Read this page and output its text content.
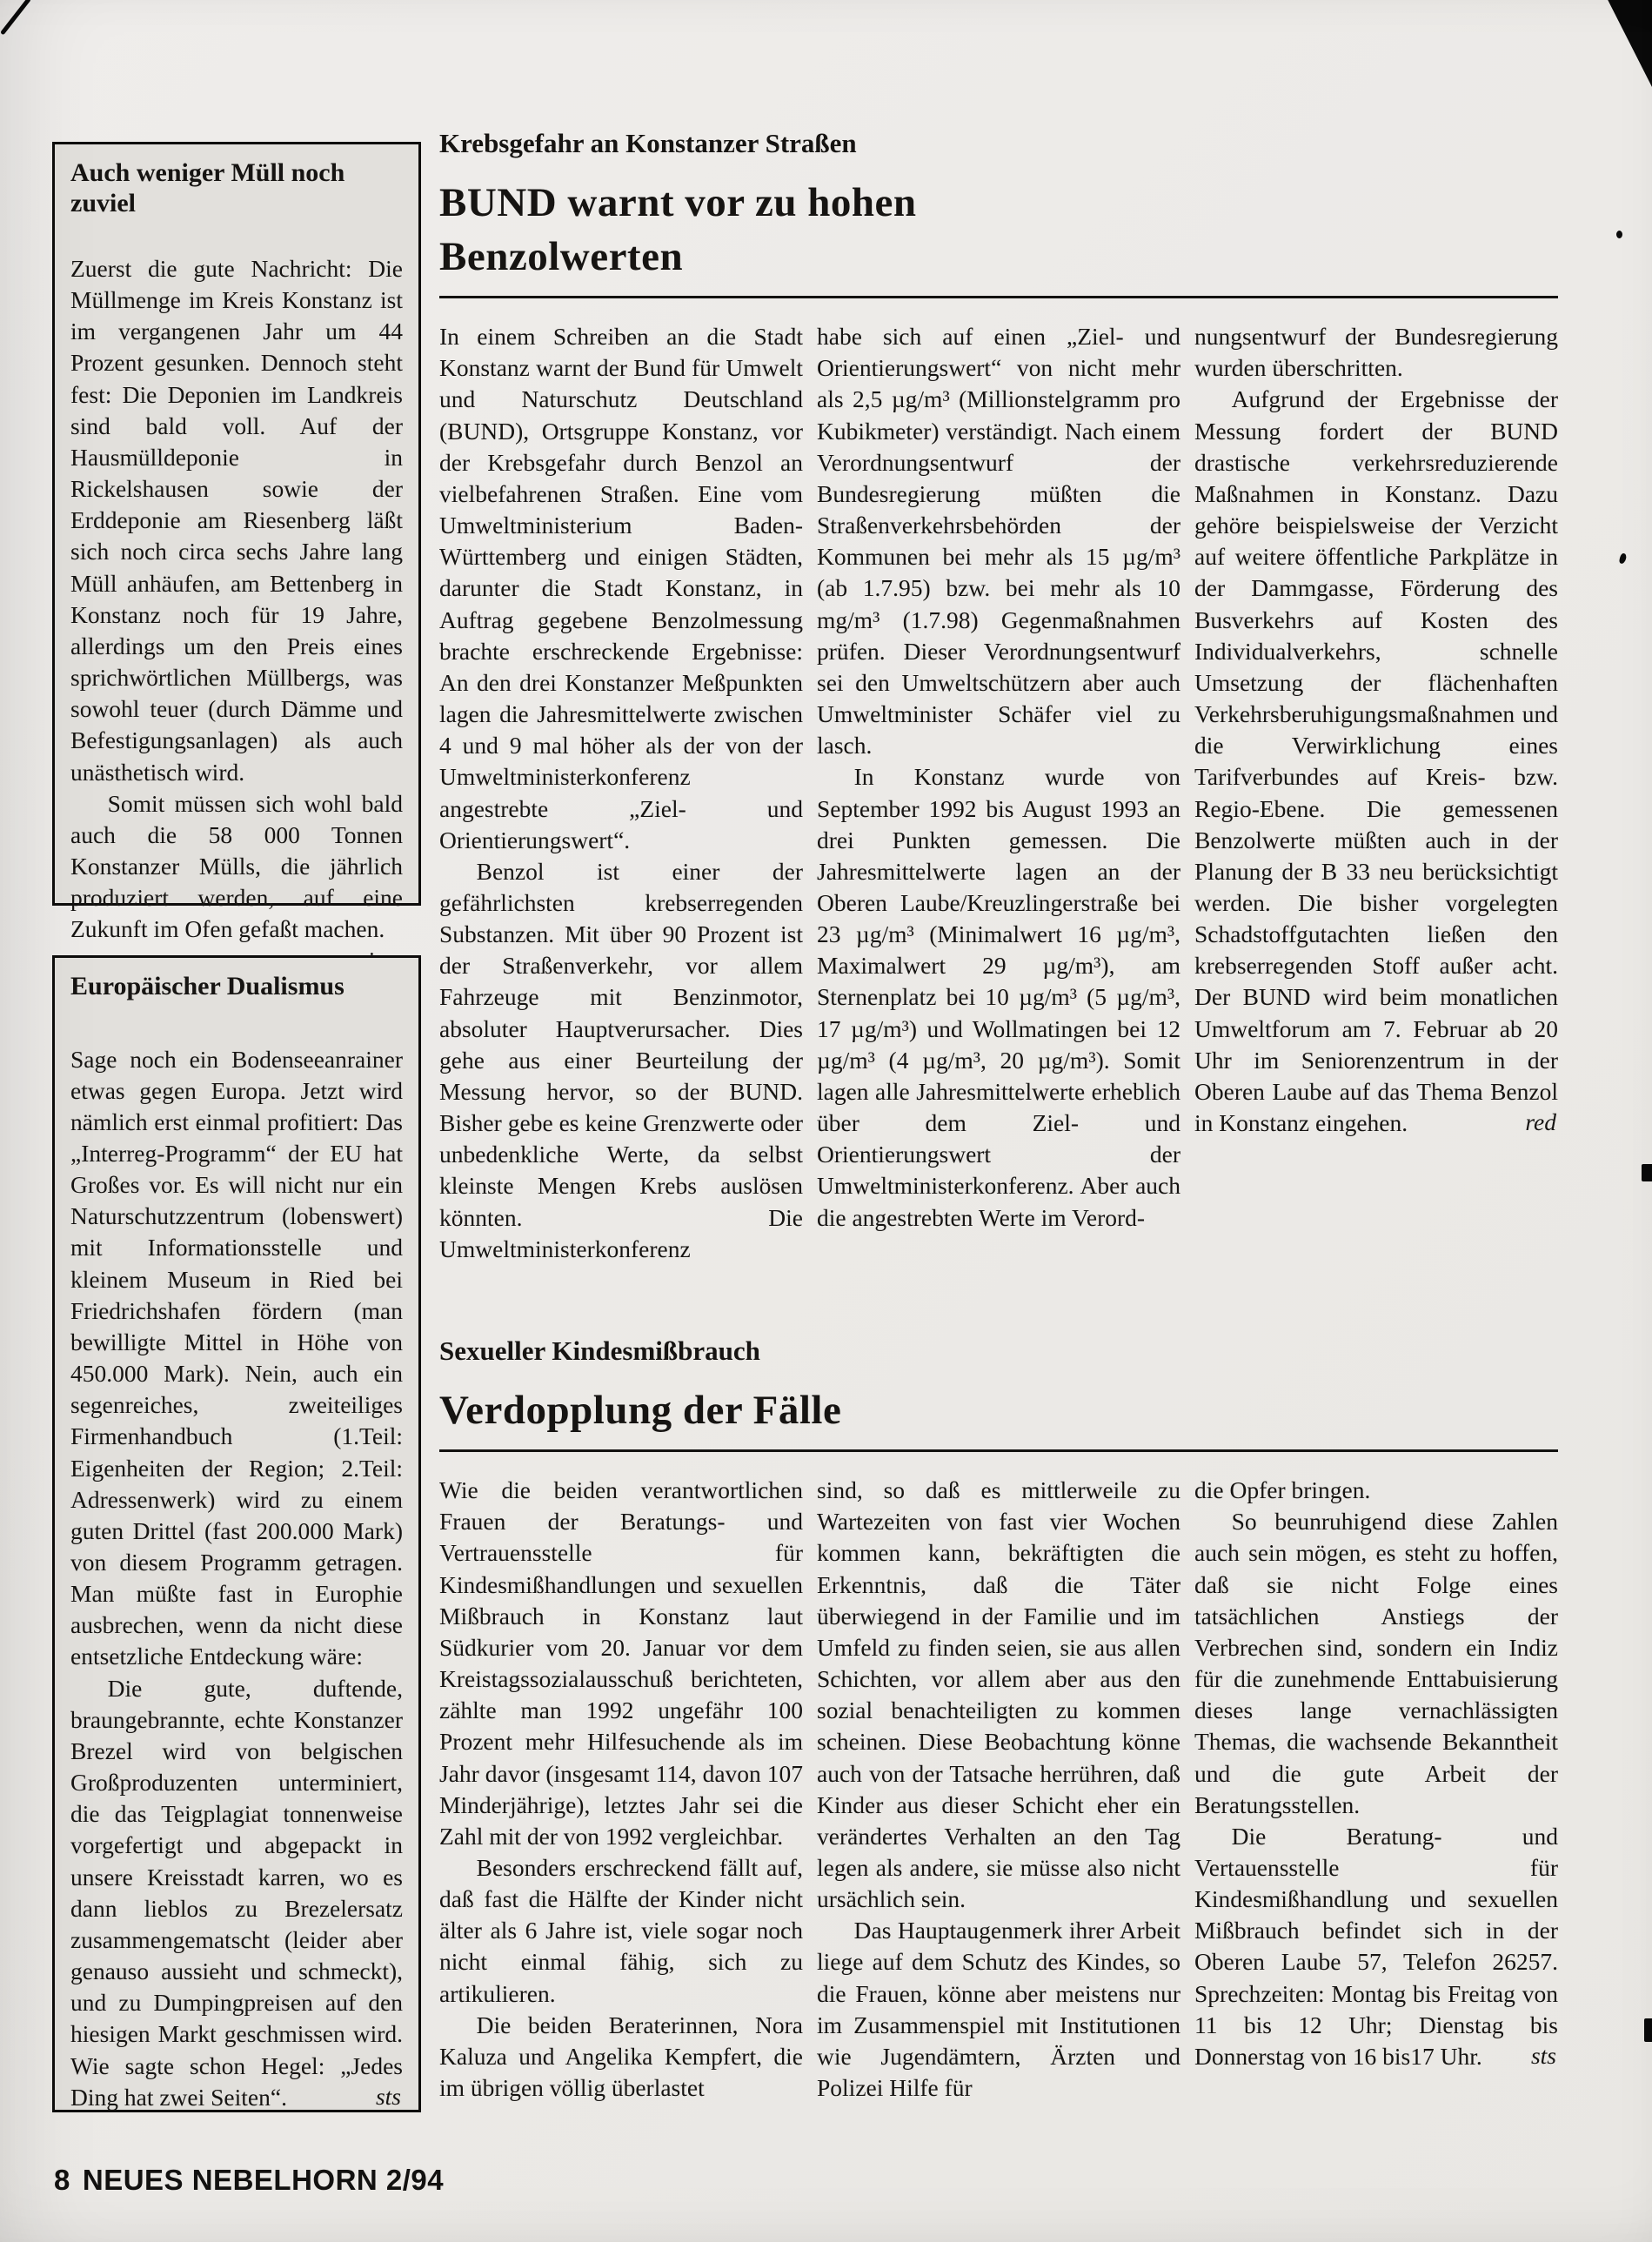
Auch weniger Müll noch zuviel

Zuerst die gute Nachricht: Die Müllmenge im Kreis Konstanz ist im vergangenen Jahr um 44 Prozent gesunken. Dennoch steht fest: Die Deponien im Landkreis sind bald voll. Auf der Hausmülldeponie in Rickelshausen sowie der Erddeponie am Riesenberg läßt sich noch circa sechs Jahre lang Müll anhäufen, am Bettenberg in Konstanz noch für 19 Jahre, allerdings um den Preis eines sprichwörtlichen Müllbergs, was sowohl teuer (durch Dämme und Befestigungsanlagen) als auch unästhetisch wird.

Somit müssen sich wohl bald auch die 58 000 Tonnen Konstanzer Mülls, die jährlich produziert werden, auf eine Zukunft im Ofen gefaßt machen.

Europäischer Dualismus

Sage noch ein Bodenseeanrainer etwas gegen Europa. Jetzt wird nämlich erst einmal profitiert: Das „Interreg-Programm“ der EU hat Großes vor. Es will nicht nur ein Naturschutzzentrum (lobenswert) mit Informationsstelle und kleinem Museum in Ried bei Friedrichshafen fördern (man bewilligte Mittel in Höhe von 450.000 Mark). Nein, auch ein segenreiches, zweiteiliges Firmenhandbuch (1.Teil: Eigenheiten der Region; 2.Teil: Adressenwerk) wird zu einem guten Drittel (fast 200.000 Mark) von diesem Programm getragen. Man müßte fast in Europhie ausbrechen, wenn da nicht diese entsetzliche Entdeckung wäre:

Die gute, duftende, braungebrannte, echte Konstanzer Brezel wird von belgischen Großproduzenten unterminiert, die das Teigplagiat tonnenweise vorgefertigt und abgepackt in unsere Kreisstadt karren, wo es dann lieblos zu Brezelersatz zusammengematscht (leider aber genauso aussieht und schmeckt), und zu Dumpingpreisen auf den hiesigen Markt geschmissen wird. Wie sagte schon Hegel: „Jedes Ding hat zwei Seiten“.	sts

Krebsgefahr an Konstanzer Straßen
BUND warnt vor zu hohen
Benzolwerten

In einem Schreiben an die Stadt Konstanz warnt der Bund für Umwelt und Naturschutz Deutschland (BUND), Ortsgruppe Konstanz, vor der Krebsgefahr durch Benzol an vielbefahrenen Straßen. Eine vom Umweltministerium Baden-Württemberg und einigen Städten, darunter die Stadt Konstanz, in Auftrag gegebene Benzolmessung brachte erschreckende Ergebnisse: An den drei Konstanzer Meßpunkten lagen die Jahresmittelwerte zwischen 4 und 9 mal höher als der von der Umweltministerkonferenz angestrebte „Ziel- und Orientierungswert“.

Benzol ist einer der gefährlichsten krebserregenden Substanzen. Mit über 90 Prozent ist der Straßenverkehr, vor allem Fahrzeuge mit Benzinmotor, absoluter Hauptverursacher. Dies gehe aus einer Beurteilung der Messung hervor, so der BUND. Bisher gebe es keine Grenzwerte oder unbedenkliche Werte, da selbst kleinste Mengen Krebs auslösen könnten. Die Umweltministerkonferenz

habe sich auf einen „Ziel- und Orientierungswert“ von nicht mehr als 2,5 µg/m³ (Millionstelgramm pro Kubikmeter) verständigt. Nach einem Verordnungsentwurf der Bundesregierung müßten die Straßenverkehrsbehörden der Kommunen bei mehr als 15 µg/m³ (ab 1.7.95) bzw. bei mehr als 10 mg/m³ (1.7.98) Gegenmaßnahmen prüfen. Dieser Verordnungsentwurf sei den Umweltschützern aber auch Umweltminister Schäfer viel zu lasch.

In Konstanz wurde von September 1992 bis August 1993 an drei Punkten gemessen. Die Jahresmittelwerte lagen an der Oberen Laube/Kreuzlingerstraße bei 23 µg/m³ (Minimalwert 16 µg/m³, Maximalwert 29 µg/m³), am Sternenplatz bei 10 µg/m³ (5 µg/m³, 17 µg/m³) und Wollmatingen bei 12 µg/m³ (4 µg/m³, 20 µg/m³). Somit lagen alle Jahresmittelwerte erheblich über dem Ziel- und Orientierungswert der Umweltministerkonferenz. Aber auch die angestrebten Werte im Verord-

nungsentwurf der Bundesregierung wurden überschritten.

Aufgrund der Ergebnisse der Messung fordert der BUND drastische verkehrsreduzierende Maßnahmen in Konstanz. Dazu gehöre beispielsweise der Verzicht auf weitere öffentliche Parkplätze in der Dammgasse, Förderung des Busverkehrs auf Kosten des Individualverkehrs, schnelle Umsetzung der flächenhaften Verkehrsberuhigungsmaßnahmen und die Verwirklichung eines Tarifverbundes auf Kreis- bzw. Regio-Ebene. Die gemessenen Benzolwerte müßten auch in der Planung der B 33 neu berücksichtigt werden. Die bisher vorgelegten Schadstoffgutachten ließen den krebserregenden Stoff außer acht. Der BUND wird beim monatlichen Umweltforum am 7. Februar ab 20 Uhr im Seniorenzentrum in der Oberen Laube auf das Thema Benzol in Konstanz eingehen.	red

Sexueller Kindesmißbrauch
Verdopplung der Fälle

Wie die beiden verantwortlichen Frauen der Beratungs- und Vertrauensstelle für Kindesmißhandlungen und sexuellen Mißbrauch in Konstanz laut Südkurier vom 20. Januar vor dem Kreistagssozialausschuß berichteten, zählte man 1992 ungefähr 100 Prozent mehr Hilfesuchende als im Jahr davor (insgesamt 114, davon 107 Minderjährige), letztes Jahr sei die Zahl mit der von 1992 vergleichbar.

Besonders erschreckend fällt auf, daß fast die Hälfte der Kinder nicht älter als 6 Jahre ist, viele sogar noch nicht einmal fähig, sich zu artikulieren.

Die beiden Beraterinnen, Nora Kaluza und Angelika Kempfert, die im übrigen völlig überlastet

sind, so daß es mittlerweile zu Wartezeiten von fast vier Wochen kommen kann, bekräftigten die Erkenntnis, daß die Täter überwiegend in der Familie und im Umfeld zu finden seien, sie aus allen Schichten, vor allem aber aus den sozial benachteiligten zu kommen scheinen. Diese Beobachtung könne auch von der Tatsache herrühren, daß Kinder aus dieser Schicht eher ein verändertes Verhalten an den Tag legen als andere, sie müsse also nicht ursächlich sein.

Das Hauptaugenmerk ihrer Arbeit liege auf dem Schutz des Kindes, so die Frauen, könne aber meistens nur im Zusammenspiel mit Institutionen wie Jugendämtern, Ärzten und Polizei Hilfe für

die Opfer bringen.

So beunruhigend diese Zahlen auch sein mögen, es steht zu hoffen, daß sie nicht Folge eines tatsächlichen Anstiegs der Verbrechen sind, sondern ein Indiz für die zunehmende Enttabuisierung dieses lange vernachlässigten Themas, die wachsende Bekanntheit und die gute Arbeit der Beratungsstellen.

Die Beratung- und Vertauensstelle für Kindesmißhandlung und sexuellen Mißbrauch befindet sich in der Oberen Laube 57, Telefon 26257. Sprechzeiten: Montag bis Freitag von 11 bis 12 Uhr; Dienstag bis Donnerstag von 16 bis17 Uhr.	sts

8 NEUES NEBELHORN 2/94
